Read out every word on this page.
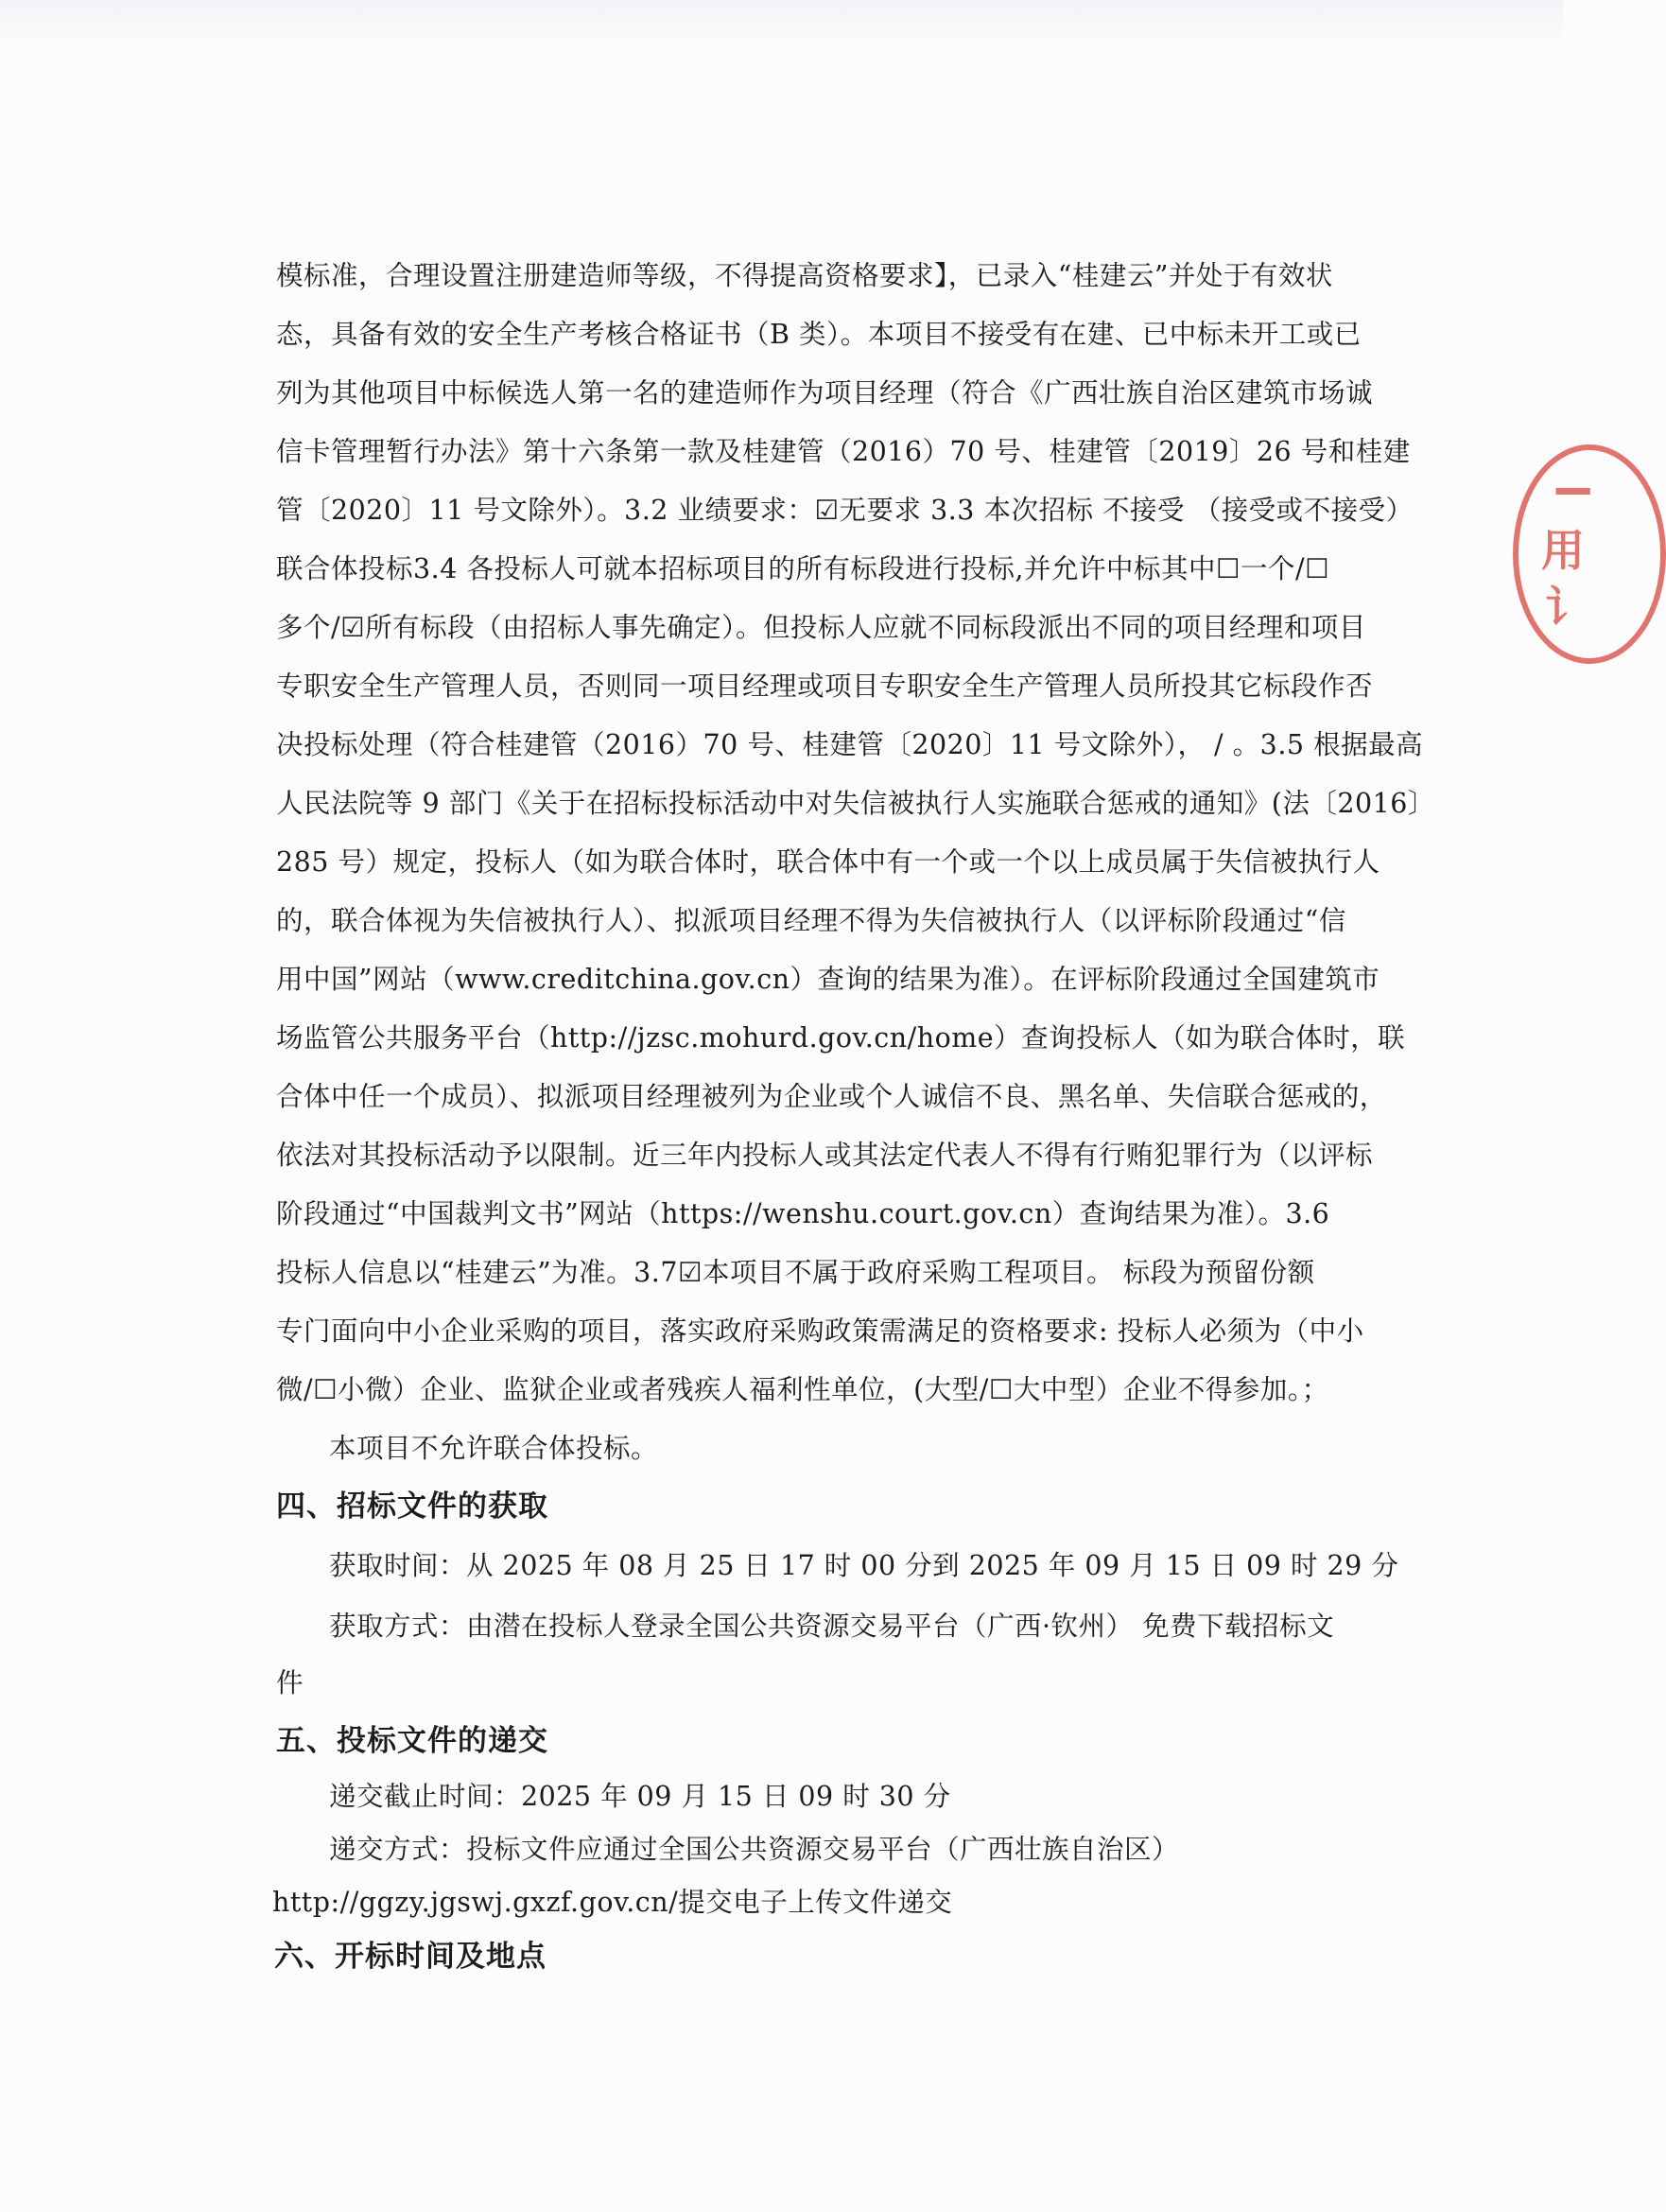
模标准，合理设置注册建造师等级，不得提高资格要求】，已录入“桂建云”并处于有效状
态，具备有效的安全生产考核合格证书（B 类）。本项目不接受有在建、已中标未开工或已
列为其他项目中标候选人第一名的建造师作为项目经理（符合《广西壮族自治区建筑市场诚
信卡管理暂行办法》第十六条第一款及桂建管（2016）70 号、桂建管〔2019〕26 号和桂建
管〔2020〕11 号文除外）。3.2 业绩要求：☑无要求 3.3 本次招标 不接受 （接受或不接受）
联合体投标3.4 各投标人可就本招标项目的所有标段进行投标,并允许中标其中☐一个/☐
多个/☑所有标段（由招标人事先确定）。但投标人应就不同标段派出不同的项目经理和项目
专职安全生产管理人员，否则同一项目经理或项目专职安全生产管理人员所投其它标段作否
决投标处理（符合桂建管（2016）70 号、桂建管〔2020〕11 号文除外）， / 。3.5 根据最高
人民法院等 9 部门《关于在招标投标活动中对失信被执行人实施联合惩戒的通知》(法〔2016〕
285 号）规定，投标人（如为联合体时，联合体中有一个或一个以上成员属于失信被执行人
的，联合体视为失信被执行人）、拟派项目经理不得为失信被执行人（以评标阶段通过“信
用中国”网站（www.creditchina.gov.cn）查询的结果为准）。在评标阶段通过全国建筑市
场监管公共服务平台（http://jzsc.mohurd.gov.cn/home）查询投标人（如为联合体时，联
合体中任一个成员）、拟派项目经理被列为企业或个人诚信不良、黑名单、失信联合惩戒的，
依法对其投标活动予以限制。近三年内投标人或其法定代表人不得有行贿犯罪行为（以评标
阶段通过“中国裁判文书”网站（https://wenshu.court.gov.cn）查询结果为准）。3.6
投标人信息以“桂建云”为准。3.7☑本项目不属于政府采购工程项目。 标段为预留份额
专门面向中小企业采购的项目，落实政府采购政策需满足的资格要求: 投标人必须为（中小
微/☐小微）企业、监狱企业或者残疾人福利性单位，(大型/☐大中型）企业不得参加。；
本项目不允许联合体投标。
四、招标文件的获取
获取时间：从 2025 年 08 月 25 日 17 时 00 分到 2025 年 09 月 15 日 09 时 29 分
获取方式：由潜在投标人登录全国公共资源交易平台（广西·钦州） 免费下载招标文
件
五、投标文件的递交
递交截止时间：2025 年 09 月 15 日 09 时 30 分
递交方式：投标文件应通过全国公共资源交易平台（广西壮族自治区）
http://ggzy.jgswj.gxzf.gov.cn/提交电子上传文件递交
六、开标时间及地点
▔
用
讠
